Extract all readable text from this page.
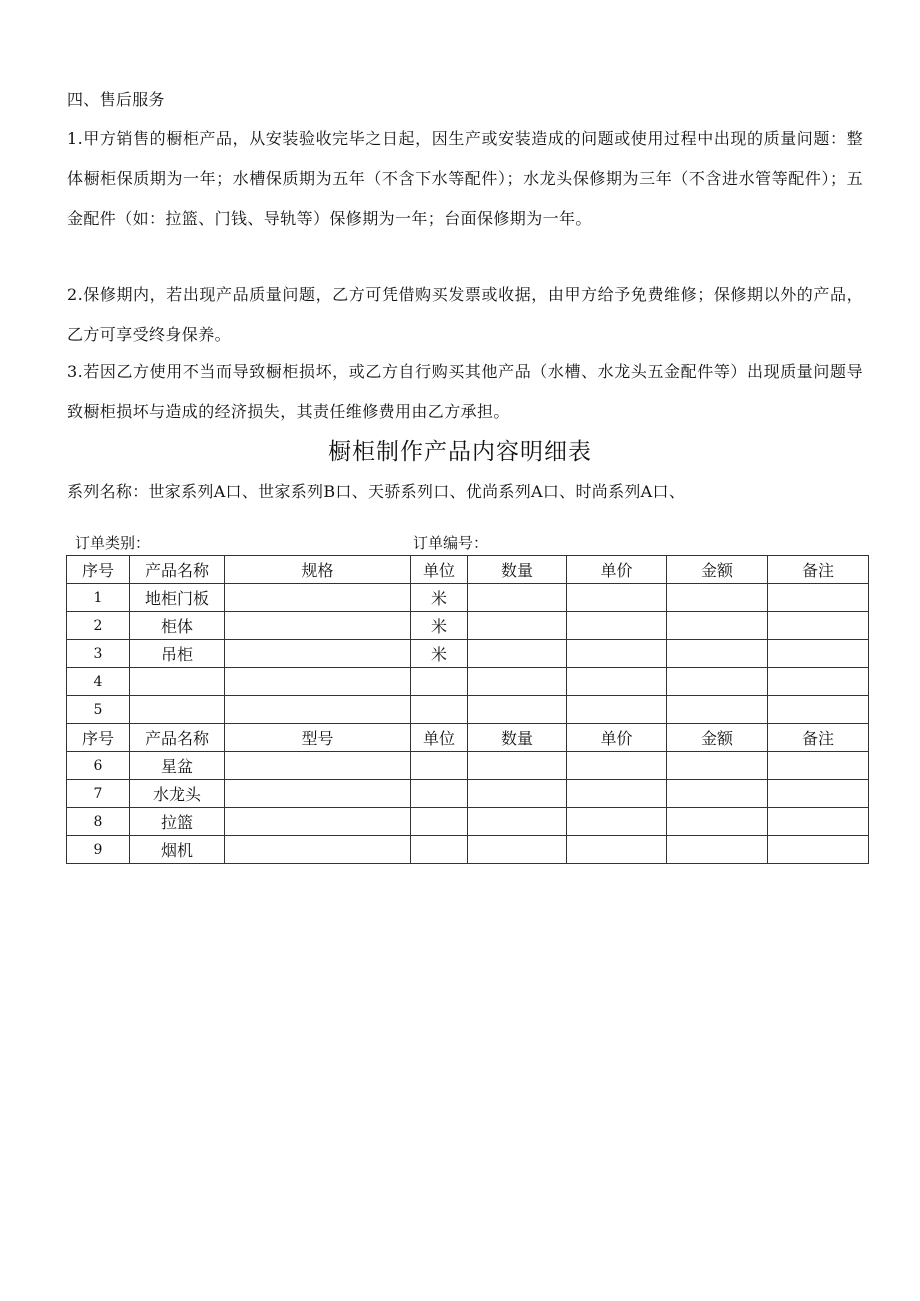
四、售后服务
1.甲方销售的橱柜产品，从安装验收完毕之日起，因生产或安装造成的问题或使用过程中出现的质量问题：整体橱柜保质期为一年；水槽保质期为五年（不含下水等配件）；水龙头保修期为三年（不含进水管等配件）；五金配件（如：拉篮、门钱、导轨等）保修期为一年；台面保修期为一年。
2.保修期内，若出现产品质量问题，乙方可凭借购买发票或收据，由甲方给予免费维修；保修期以外的产品，乙方可享受终身保养。
3.若因乙方使用不当而导致橱柜损坏，或乙方自行购买其他产品（水槽、水龙头五金配件等）出现质量问题导致橱柜损坏与造成的经济损失，其责任维修费用由乙方承担。
橱柜制作产品内容明细表
系列名称：世家系列A口、世家系列B口、天骄系列口、优尚系列A口、时尚系列A口、
订单类别：	订单编号：
序号	产品名称	规格	单位	数量	单价	金额	备注
1	地柜门板		米				
2	柜体		米				
3	吊柜		米				
4							
5							
序号	产品名称	型号	单位	数量	单价	金额	备注
6	星盆						
7	水龙头						
8	拉篮						
9	烟机						
